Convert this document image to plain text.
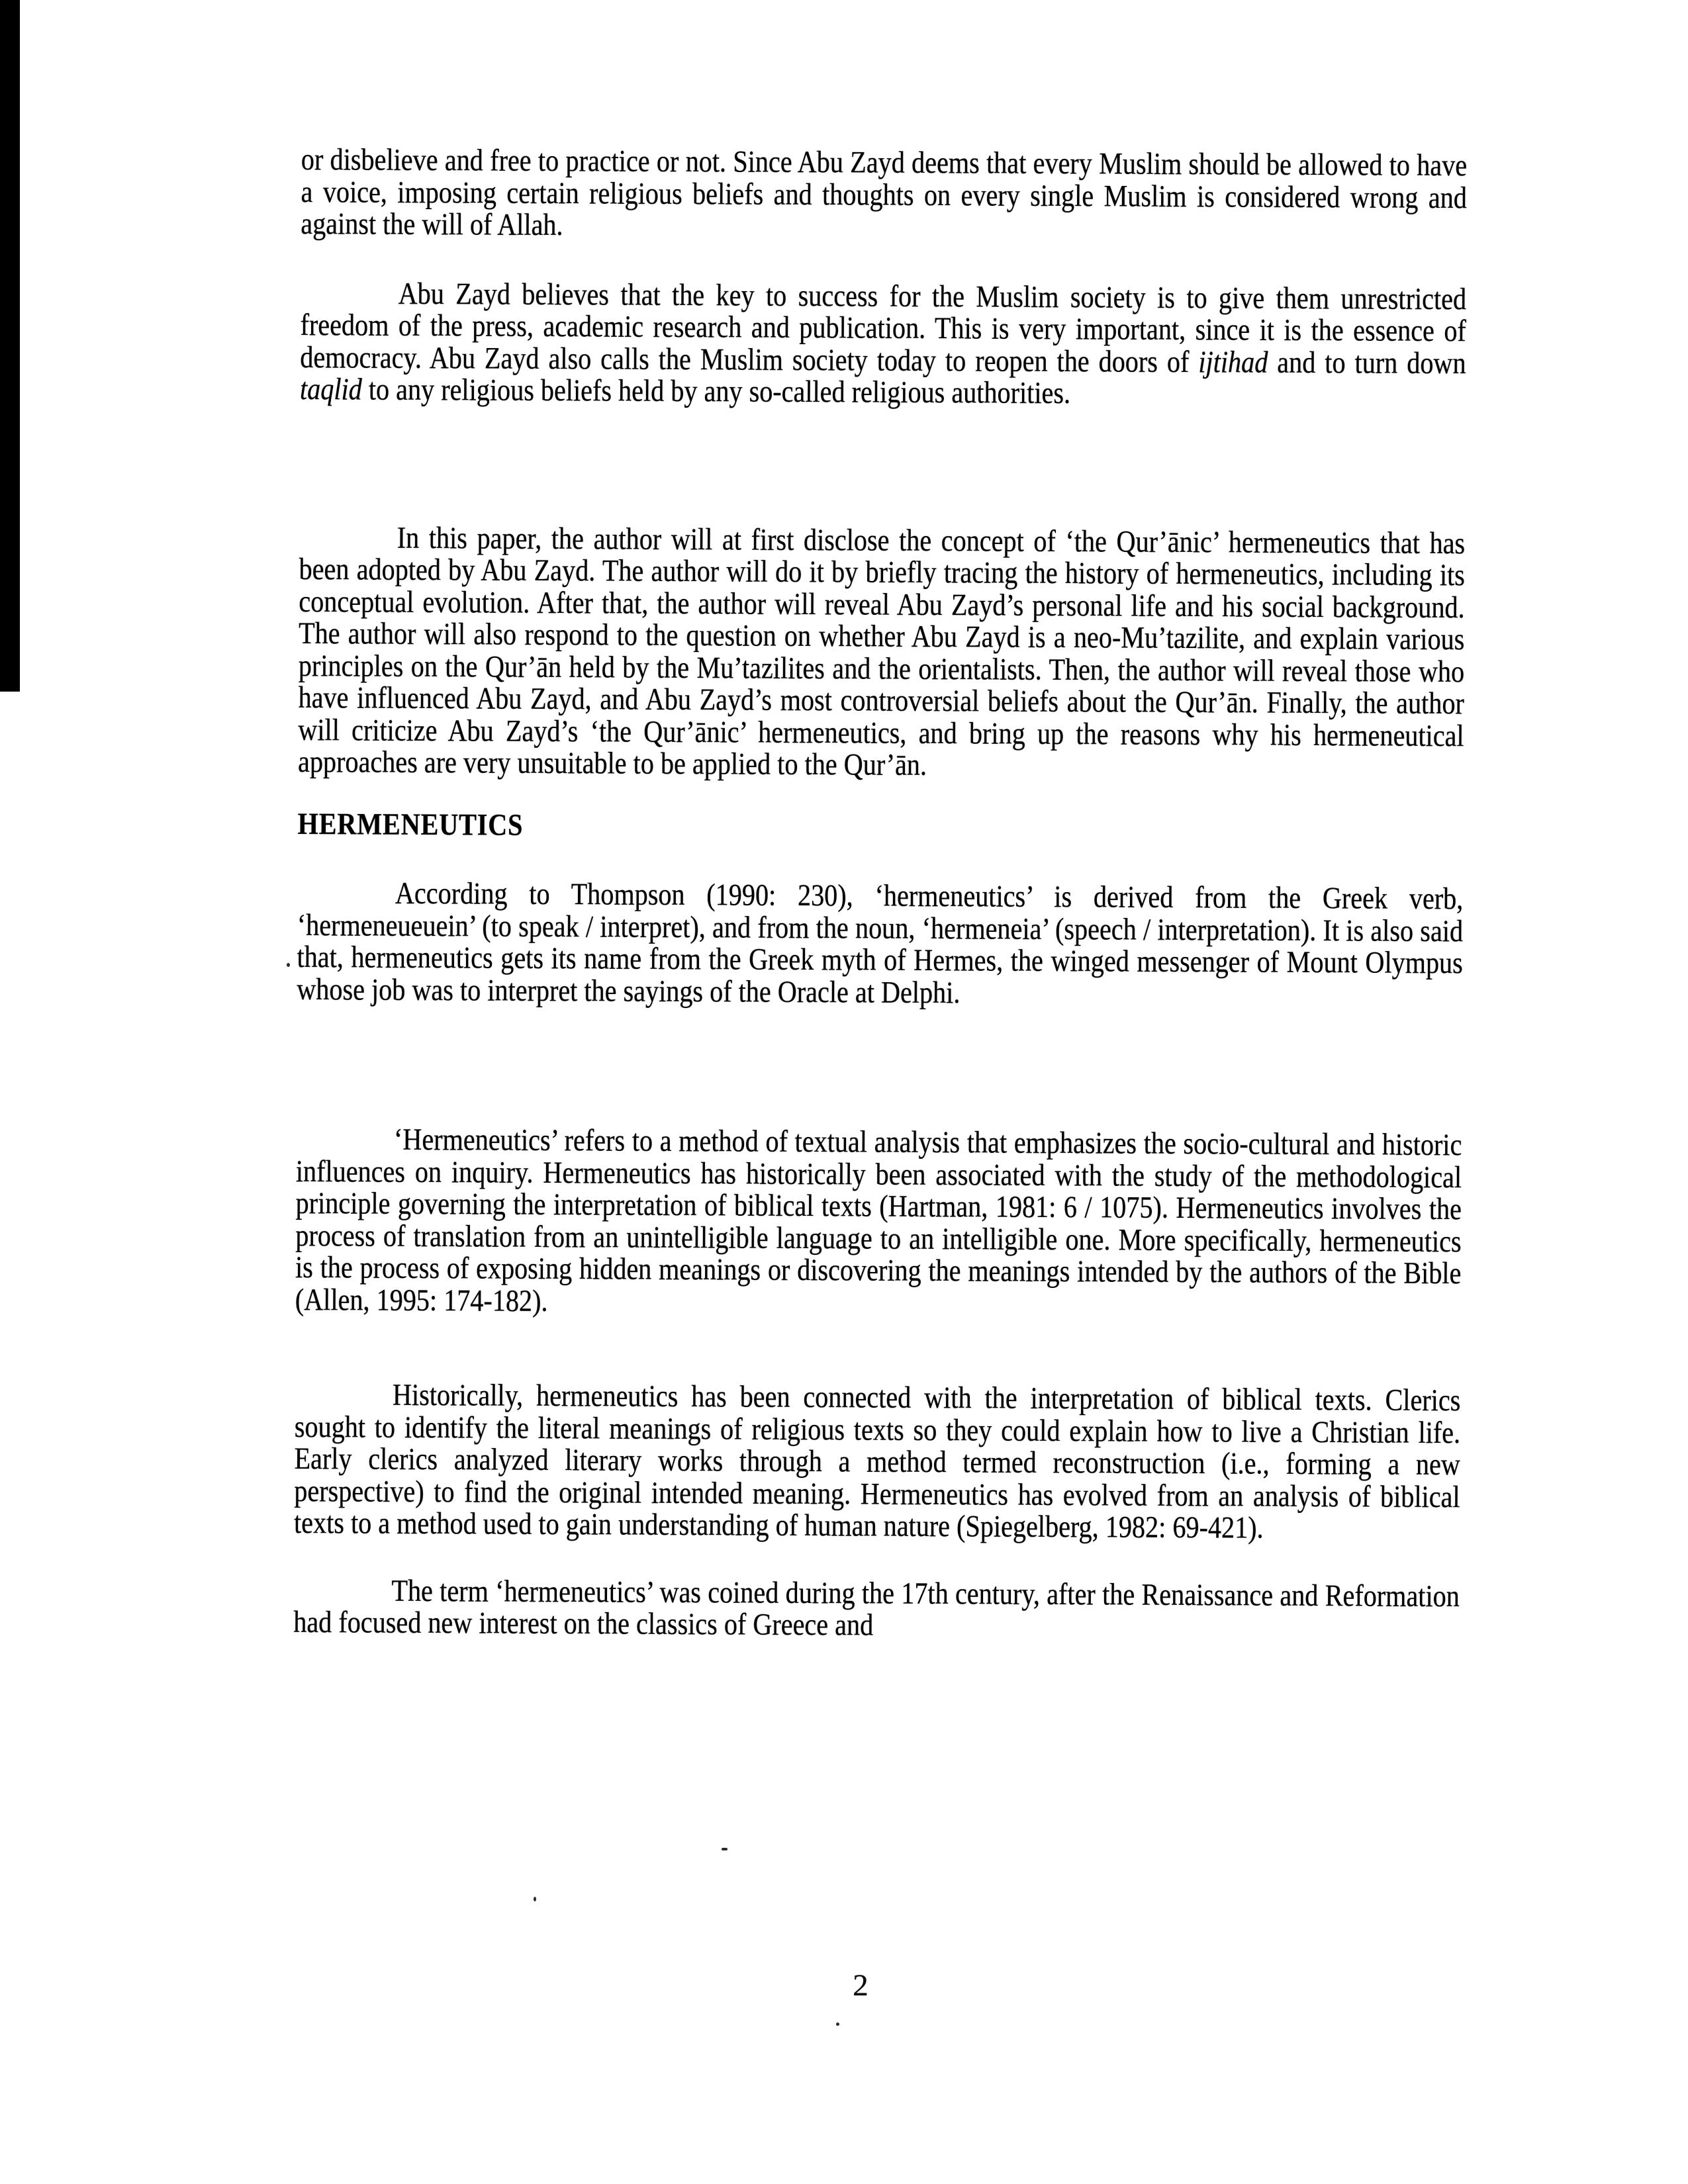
or disbelieve and free to practice or not. Since Abu Zayd deems that every Muslim should be allowed to have a voice, imposing certain religious beliefs and thoughts on every single Muslim is considered wrong and against the will of Allah.

Abu Zayd believes that the key to success for the Muslim society is to give them unrestricted freedom of the press, academic research and publication. This is very important, since it is the essence of democracy. Abu Zayd also calls the Muslim society today to reopen the doors of ijtihad and to turn down taqlid to any religious beliefs held by any so-called religious authorities.

In this paper, the author will at first disclose the concept of ‘the Qur’ānic’ hermeneutics that has been adopted by Abu Zayd. The author will do it by briefly tracing the history of hermeneutics, including its conceptual evolution. After that, the author will reveal Abu Zayd’s personal life and his social background. The author will also respond to the question on whether Abu Zayd is a neo-Mu’tazilite, and explain various principles on the Qur’ān held by the Mu’tazilites and the orientalists. Then, the author will reveal those who have influenced Abu Zayd, and Abu Zayd’s most controversial beliefs about the Qur’ān. Finally, the author will criticize Abu Zayd’s ‘the Qur’ānic’ hermeneutics, and bring up the reasons why his hermeneutical approaches are very unsuitable to be applied to the Qur’ān.

HERMENEUTICS

According to Thompson (1990: 230), ‘hermeneutics’ is derived from the Greek verb, ‘hermeneueuein’ (to speak / interpret), and from the noun, ‘hermeneia’ (speech / interpretation). It is also said that, hermeneutics gets its name from the Greek myth of Hermes, the winged messenger of Mount Olympus whose job was to interpret the sayings of the Oracle at Delphi.

‘Hermeneutics’ refers to a method of textual analysis that emphasizes the socio-cultural and historic influences on inquiry. Hermeneutics has historically been associated with the study of the methodological principle governing the interpretation of biblical texts (Hartman, 1981: 6 / 1075). Hermeneutics involves the process of translation from an unintelligible language to an intelligible one. More specifically, hermeneutics is the process of exposing hidden meanings or discovering the meanings intended by the authors of the Bible (Allen, 1995: 174-182).

Historically, hermeneutics has been connected with the interpretation of biblical texts. Clerics sought to identify the literal meanings of religious texts so they could explain how to live a Christian life. Early clerics analyzed literary works through a method termed reconstruction (i.e., forming a new perspective) to find the original intended meaning. Hermeneutics has evolved from an analysis of biblical texts to a method used to gain understanding of human nature (Spiegelberg, 1982: 69-421).

The term ‘hermeneutics’ was coined during the 17th century, after the Renaissance and Reformation had focused new interest on the classics of Greece and

2
